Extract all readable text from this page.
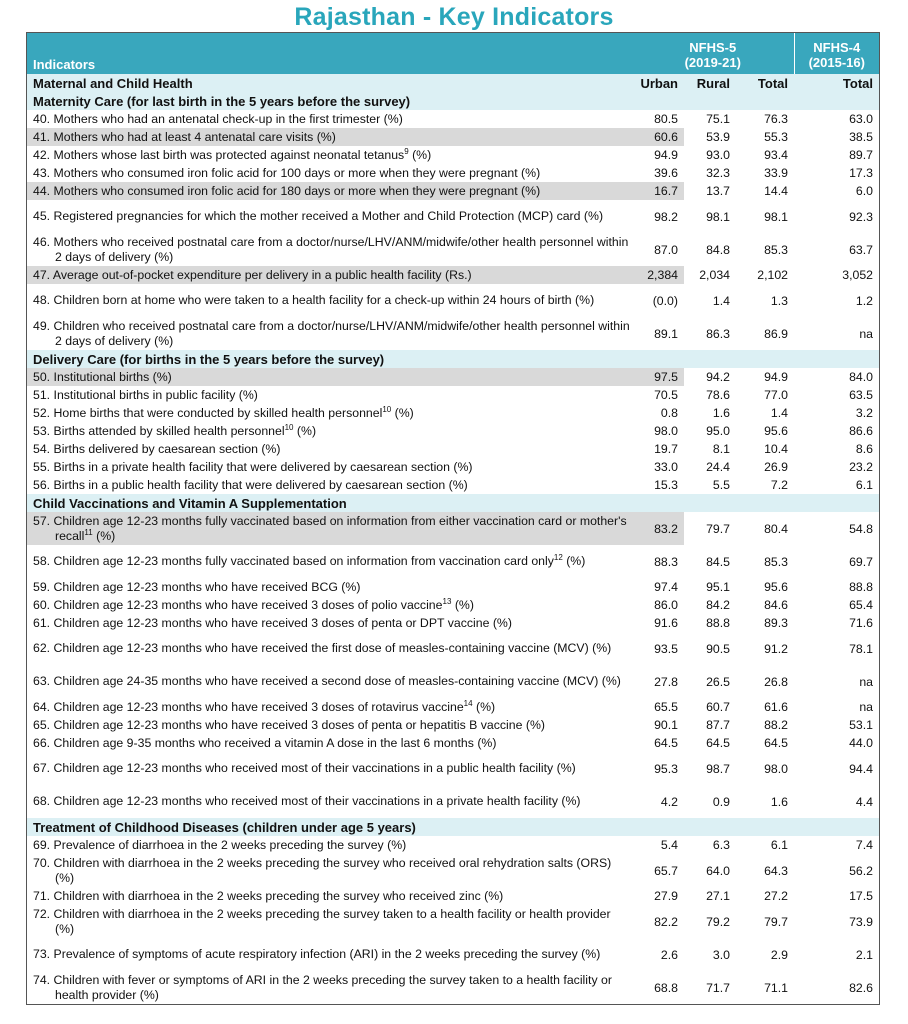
Rajasthan - Key Indicators
Indicators	NFHS-5			NFHS-4
	(2019-21)			(2015-16)
Maternal and Child Health	Urban	Rural	Total	Total
Maternity Care (for last birth in the 5 years before the survey)				
40. Mothers who had an antenatal check-up in the first trimester (%)	80.5	75.1	76.3	63.0
41. Mothers who had at least 4 antenatal care visits (%)	60.6	53.9	55.3	38.5
42. Mothers whose last birth was protected against neonatal tetanus$^9$ (%)	94.9	93.0	93.4	89.7
43. Mothers who consumed iron folic acid for 100 days or more when they were pregnant (%)	39.6	32.3	33.9	17.3
44. Mothers who consumed iron folic acid for 180 days or more when they were pregnant (%)	16.7	13.7	14.4	6.0
45. Registered pregnancies for which the mother received a Mother and Child Protection (MCP) card (%)	98.2	98.1	98.1	92.3
46. Mothers who received postnatal care from a doctor/nurse/LHV/ANM/midwife/other health personnel within 2 days of delivery (%)	87.0	84.8	85.3	63.7
47. Average out-of-pocket expenditure per delivery in a public health facility (Rs.)	2,384	2,034	2,102	3,052
48. Children born at home who were taken to a health facility for a check-up within 24 hours of birth (%)	(0.0)	1.4	1.3	1.2
49. Children who received postnatal care from a doctor/nurse/LHV/ANM/midwife/other health personnel within 2 days of delivery (%)	89.1	86.3	86.9	na
Delivery Care (for births in the 5 years before the survey)				
50. Institutional births (%)	97.5	94.2	94.9	84.0
51. Institutional births in public facility (%)	70.5	78.6	77.0	63.5
52. Home births that were conducted by skilled health personnel$^{10}$ (%)	0.8	1.6	1.4	3.2
53. Births attended by skilled health personnel$^{10}$ (%)	98.0	95.0	95.6	86.6
54. Births delivered by caesarean section (%)	19.7	8.1	10.4	8.6
55. Births in a private health facility that were delivered by caesarean section (%)	33.0	24.4	26.9	23.2
56. Births in a public health facility that were delivered by caesarean section (%)	15.3	5.5	7.2	6.1
Child Vaccinations and Vitamin A Supplementation				
57. Children age 12-23 months fully vaccinated based on information from either vaccination card or mother's recall$^{11}$ (%)	83.2	79.7	80.4	54.8
58. Children age 12-23 months fully vaccinated based on information from vaccination card only$^{12}$ (%)	88.3	84.5	85.3	69.7
59. Children age 12-23 months who have received BCG (%)	97.4	95.1	95.6	88.8
60. Children age 12-23 months who have received 3 doses of polio vaccine$^{13}$ (%)	86.0	84.2	84.6	65.4
61. Children age 12-23 months who have received 3 doses of penta or DPT vaccine (%)	91.6	88.8	89.3	71.6
62. Children age 12-23 months who have received the first dose of measles-containing vaccine (MCV) (%)	93.5	90.5	91.2	78.1
63. Children age 24-35 months who have received a second dose of measles-containing vaccine (MCV) (%)	27.8	26.5	26.8	na
64. Children age 12-23 months who have received 3 doses of rotavirus vaccine$^{14}$ (%)	65.5	60.7	61.6	na
65. Children age 12-23 months who have received 3 doses of penta or hepatitis B vaccine (%)	90.1	87.7	88.2	53.1
66. Children age 9-35 months who received a vitamin A dose in the last 6 months (%)	64.5	64.5	64.5	44.0
67. Children age 12-23 months who received most of their vaccinations in a public health facility (%)	95.3	98.7	98.0	94.4
68. Children age 12-23 months who received most of their vaccinations in a private health facility (%)	4.2	0.9	1.6	4.4
Treatment of Childhood Diseases (children under age 5 years)				
69. Prevalence of diarrhoea in the 2 weeks preceding the survey (%)	5.4	6.3	6.1	7.4
70. Children with diarrhoea in the 2 weeks preceding the survey who received oral rehydration salts (ORS) (%)	65.7	64.0	64.3	56.2
71. Children with diarrhoea in the 2 weeks preceding the survey who received zinc (%)	27.9	27.1	27.2	17.5
72. Children with diarrhoea in the 2 weeks preceding the survey taken to a health facility or health provider (%)	82.2	79.2	79.7	73.9
73. Prevalence of symptoms of acute respiratory infection (ARI) in the 2 weeks preceding the survey (%)	2.6	3.0	2.9	2.1
74. Children with fever or symptoms of ARI in the 2 weeks preceding the survey taken to a health facility or health provider (%)	68.8	71.7	71.1	82.6
